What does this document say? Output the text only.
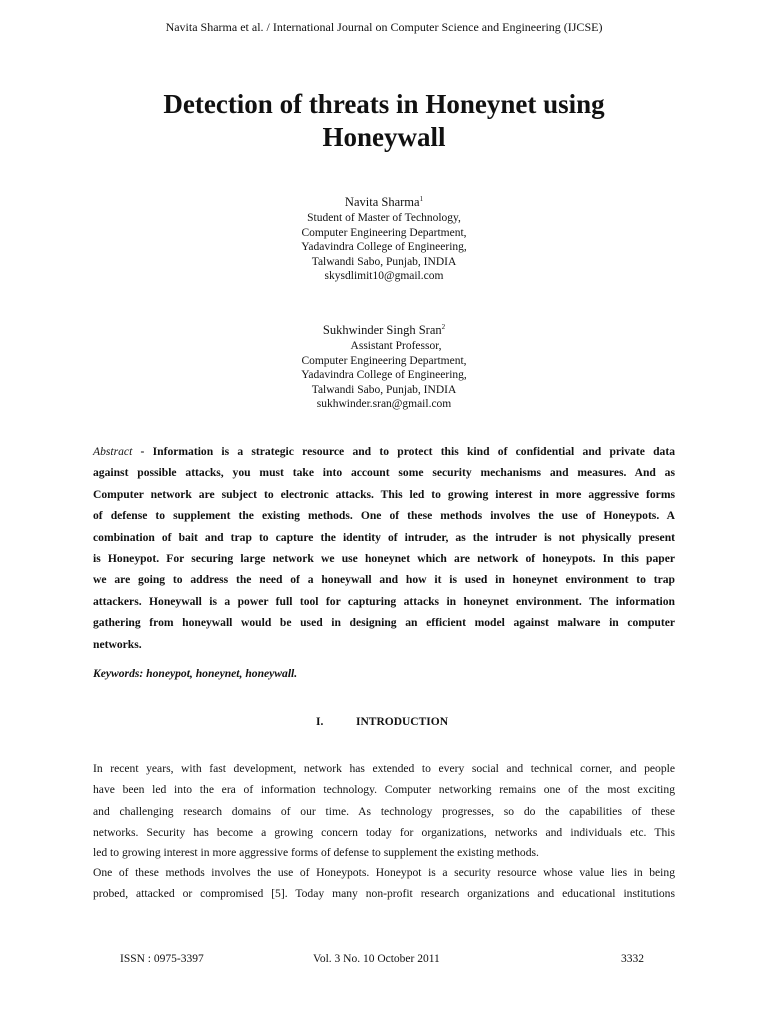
Navita Sharma et al. / International Journal on Computer Science and Engineering (IJCSE)
Detection of threats in Honeynet using
Honeywall
Navita Sharma$^1$
Student of Master of Technology,
Computer Engineering Department,
Yadavindra College of Engineering,
Talwandi Sabo, Punjab, INDIA
skysdlimit10@gmail.com
Sukhwinder Singh Sran$^2$
Assistant Professor,
Computer Engineering Department,
Yadavindra College of Engineering,
Talwandi Sabo, Punjab, INDIA
sukhwinder.sran@gmail.com
Abstract - Information is a strategic resource and to protect this kind of confidential and private data
against possible attacks, you must take into account some security mechanisms and measures. And as
Computer network are subject to electronic attacks. This led to growing interest in more aggressive forms
of defense to supplement the existing methods. One of these methods involves the use of Honeypots. A
combination of bait and trap to capture the identity of intruder, as the intruder is not physically present
is Honeypot. For securing large network we use honeynet which are network of honeypots. In this paper
we are going to address the need of a honeywall and how it is used in honeynet environment to trap
attackers. Honeywall is a power full tool for capturing attacks in honeynet environment. The information
gathering from honeywall would be used in designing an efficient model against malware in computer
networks.
Keywords: honeypot, honeynet, honeywall.
I.	INTRODUCTION
In recent years, with fast development, network has extended to every social and technical corner, and people
have been led into the era of information technology. Computer networking remains one of the most exciting
and challenging research domains of our time. As technology progresses, so do the capabilities of these
networks. Security has become a growing concern today for organizations, networks and individuals etc. This
led to growing interest in more aggressive forms of defense to supplement the existing methods.
One of these methods involves the use of Honeypots. Honeypot is a security resource whose value lies in being
probed, attacked or compromised [5]. Today many non-profit research organizations and educational institutions
ISSN : 0975-3397	Vol. 3 No. 10 October 2011	3332
